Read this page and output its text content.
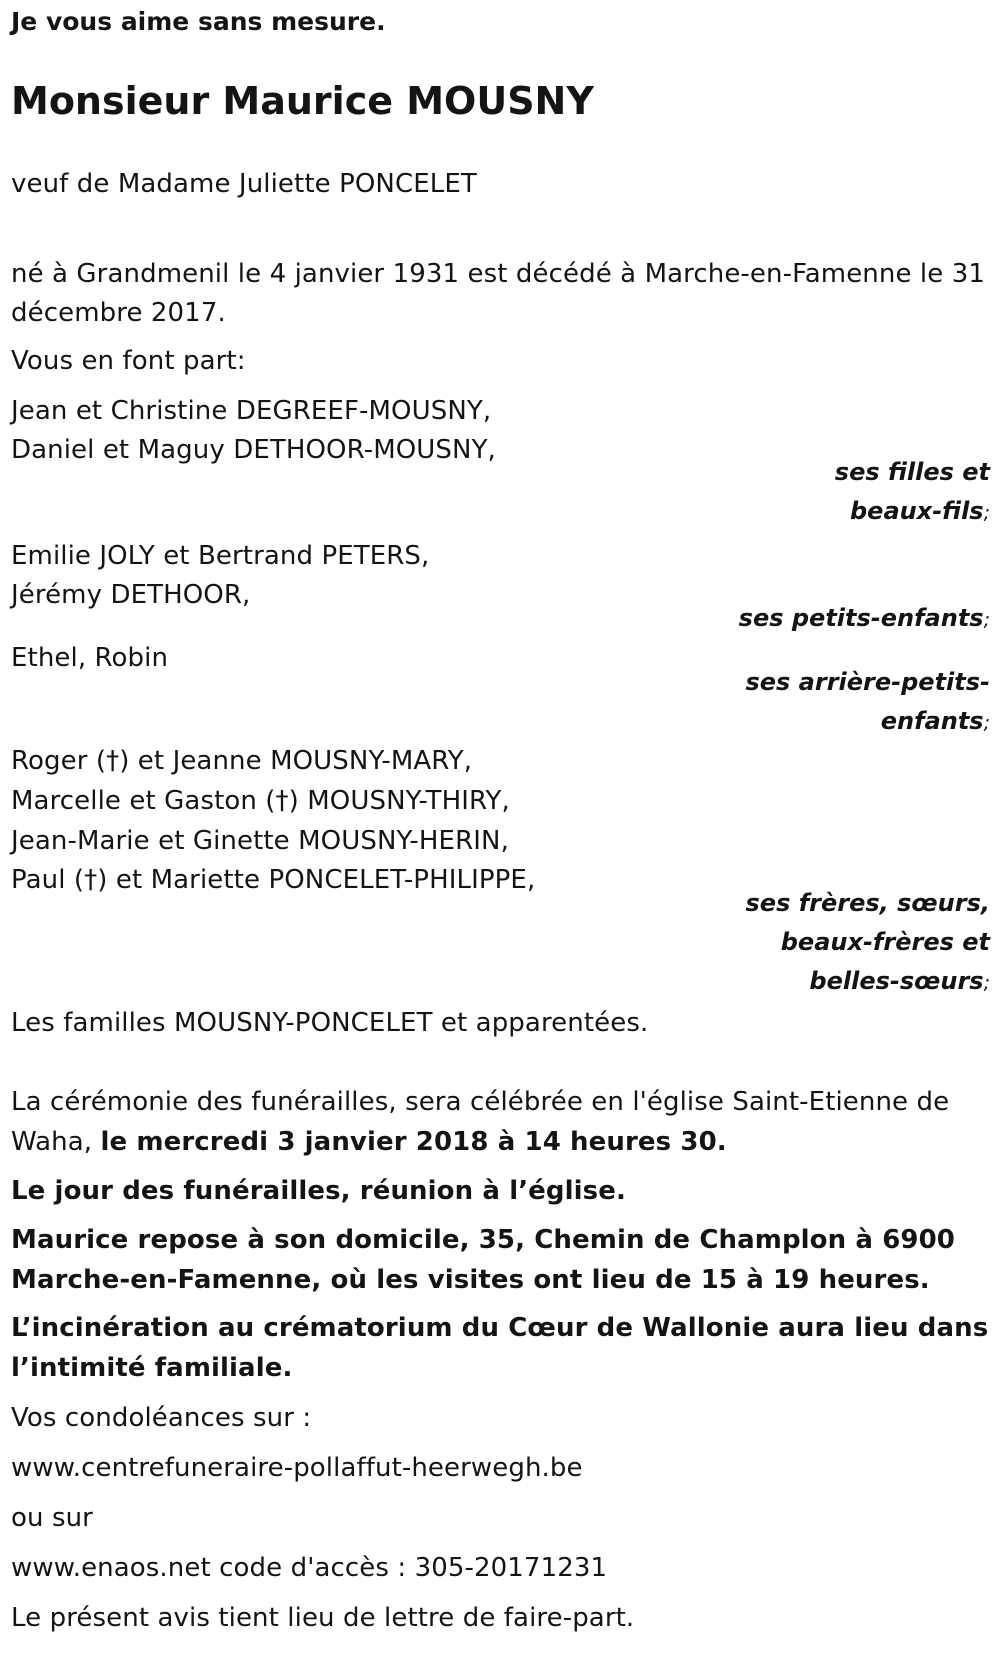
Je vous aime sans mesure.
Monsieur Maurice MOUSNY
veuf de Madame Juliette PONCELET
né à Grandmenil le 4 janvier 1931 est décédé à Marche-en-Famenne le 31
décembre 2017.
Vous en font part:
Jean et Christine DEGREEF-MOUSNY,
Daniel et Maguy DETHOOR-MOUSNY,
ses filles et
beaux-fils;
Emilie JOLY et Bertrand PETERS,
Jérémy DETHOOR,
ses petits-enfants;
Ethel, Robin
ses arrière-petits-
enfants;
Roger (†) et Jeanne MOUSNY-MARY,
Marcelle et Gaston (†) MOUSNY-THIRY,
Jean-Marie et Ginette MOUSNY-HERIN,
Paul (†) et Mariette PONCELET-PHILIPPE,
ses frères, sœurs,
beaux-frères et
belles-sœurs;
Les familles MOUSNY-PONCELET et apparentées.
La cérémonie des funérailles, sera célébrée en l'église Saint-Etienne de
Waha, le mercredi 3 janvier 2018 à 14 heures 30.
Le jour des funérailles, réunion à l’église.
Maurice repose à son domicile, 35, Chemin de Champlon à 6900
Marche-en-Famenne, où les visites ont lieu de 15 à 19 heures.
L’incinération au crématorium du Cœur de Wallonie aura lieu dans
l’intimité familiale.
Vos condoléances sur :
www.centrefuneraire-pollaffut-heerwegh.be
ou sur
www.enaos.net code d'accès : 305-20171231
Le présent avis tient lieu de lettre de faire-part.
